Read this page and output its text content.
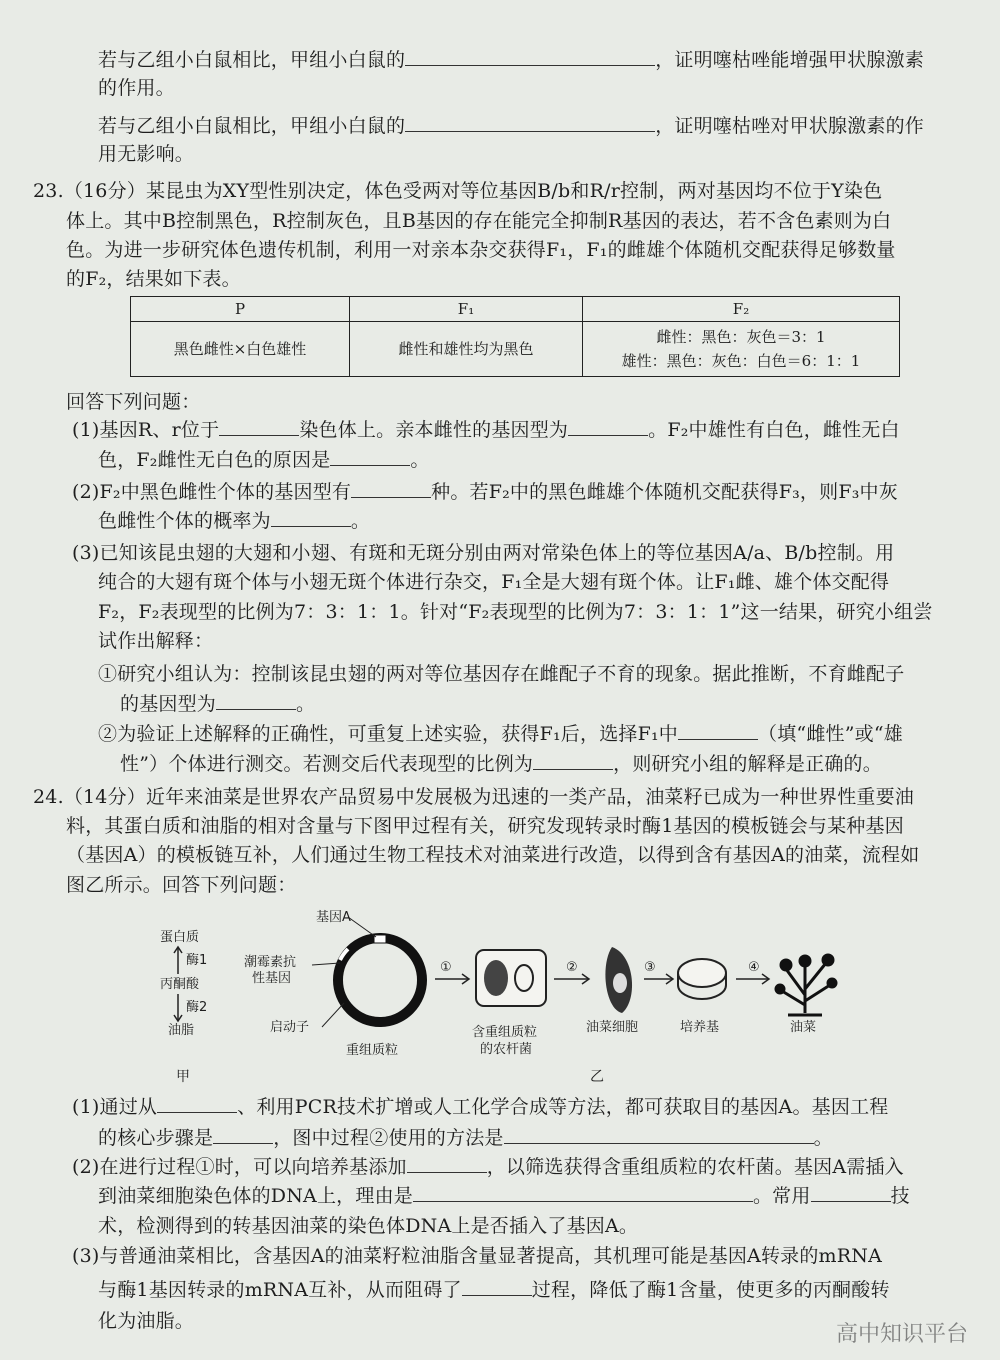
若与乙组小白鼠相比，甲组小白鼠的	，证明噻枯唑能增强甲状腺激素
的作用。
若与乙组小白鼠相比，甲组小白鼠的	，证明噻枯唑对甲状腺激素的作
用无影响。
23.（16分）某昆虫为XY型性别决定，体色受两对等位基因B/b和R/r控制，两对基因均不位于Y染色
体上。其中B控制黑色，R控制灰色，且B基因的存在能完全抑制R基因的表达，若不含色素则为白
色。为进一步研究体色遗传机制，利用一对亲本杂交获得F₁，F₁的雌雄个体随机交配获得足够数量
的F₂，结果如下表。
回答下列问题：
(1)基因R、r位于	染色体上。亲本雌性的基因型为	。F₂中雄性有白色，雌性无白
色，F₂雌性无白色的原因是	。
(2)F₂中黑色雌性个体的基因型有	种。若F₂中的黑色雌雄个体随机交配获得F₃，则F₃中灰
色雌性个体的概率为	。
(3)已知该昆虫翅的大翅和小翅、有斑和无斑分别由两对常染色体上的等位基因A/a、B/b控制。用
纯合的大翅有斑个体与小翅无斑个体进行杂交，F₁全是大翅有斑个体。让F₁雌、雄个体交配得
F₂，F₂表现型的比例为7：3：1：1。针对“F₂表现型的比例为7：3：1：1”这一结果，研究小组尝
试作出解释：
①研究小组认为：控制该昆虫翅的两对等位基因存在雌配子不育的现象。据此推断，不育雌配子
的基因型为	。
②为验证上述解释的正确性，可重复上述实验，获得F₁后，选择F₁中	（填“雌性”或“雄
性”）个体进行测交。若测交后代表现型的比例为	，则研究小组的解释是正确的。
24.（14分）近年来油菜是世界农产品贸易中发展极为迅速的一类产品，油菜籽已成为一种世界性重要油
料，其蛋白质和油脂的相对含量与下图甲过程有关，研究发现转录时酶1基因的模板链会与某种基因
（基因A）的模板链互补，人们通过生物工程技术对油菜进行改造，以得到含有基因A的油菜，流程如
图乙所示。回答下列问题：
(1)通过从	、利用PCR技术扩增或人工化学合成等方法，都可获取目的基因A。基因工程
的核心步骤是	，图中过程②使用的方法是	。
(2)在进行过程①时，可以向培养基添加	，以筛选获得含重组质粒的农杆菌。基因A需插入
到油菜细胞染色体的DNA上，理由是	。常用	技
术，检测得到的转基因油菜的染色体DNA上是否插入了基因A。
(3)与普通油菜相比，含基因A的油菜籽粒油脂含量显著提高，其机理可能是基因A转录的mRNA
与酶1基因转录的mRNA互补，从而阻碍了	过程，降低了酶1含量，使更多的丙酮酸转
化为油脂。
P	F₁	F₂
黑色雌性×白色雄性	雌性和雄性均为黑色	雌性：黑色：灰色＝3：1
雄性：黑色：灰色：白色＝6：1：1
蛋白质
酶1
丙酮酸
酶2
油脂
甲
基因A
潮霉素抗
性基因
启动子
重组质粒
含重组质粒
的农杆菌
油菜细胞	培养基	油菜
①	②	③	④
乙
高中知识平台
